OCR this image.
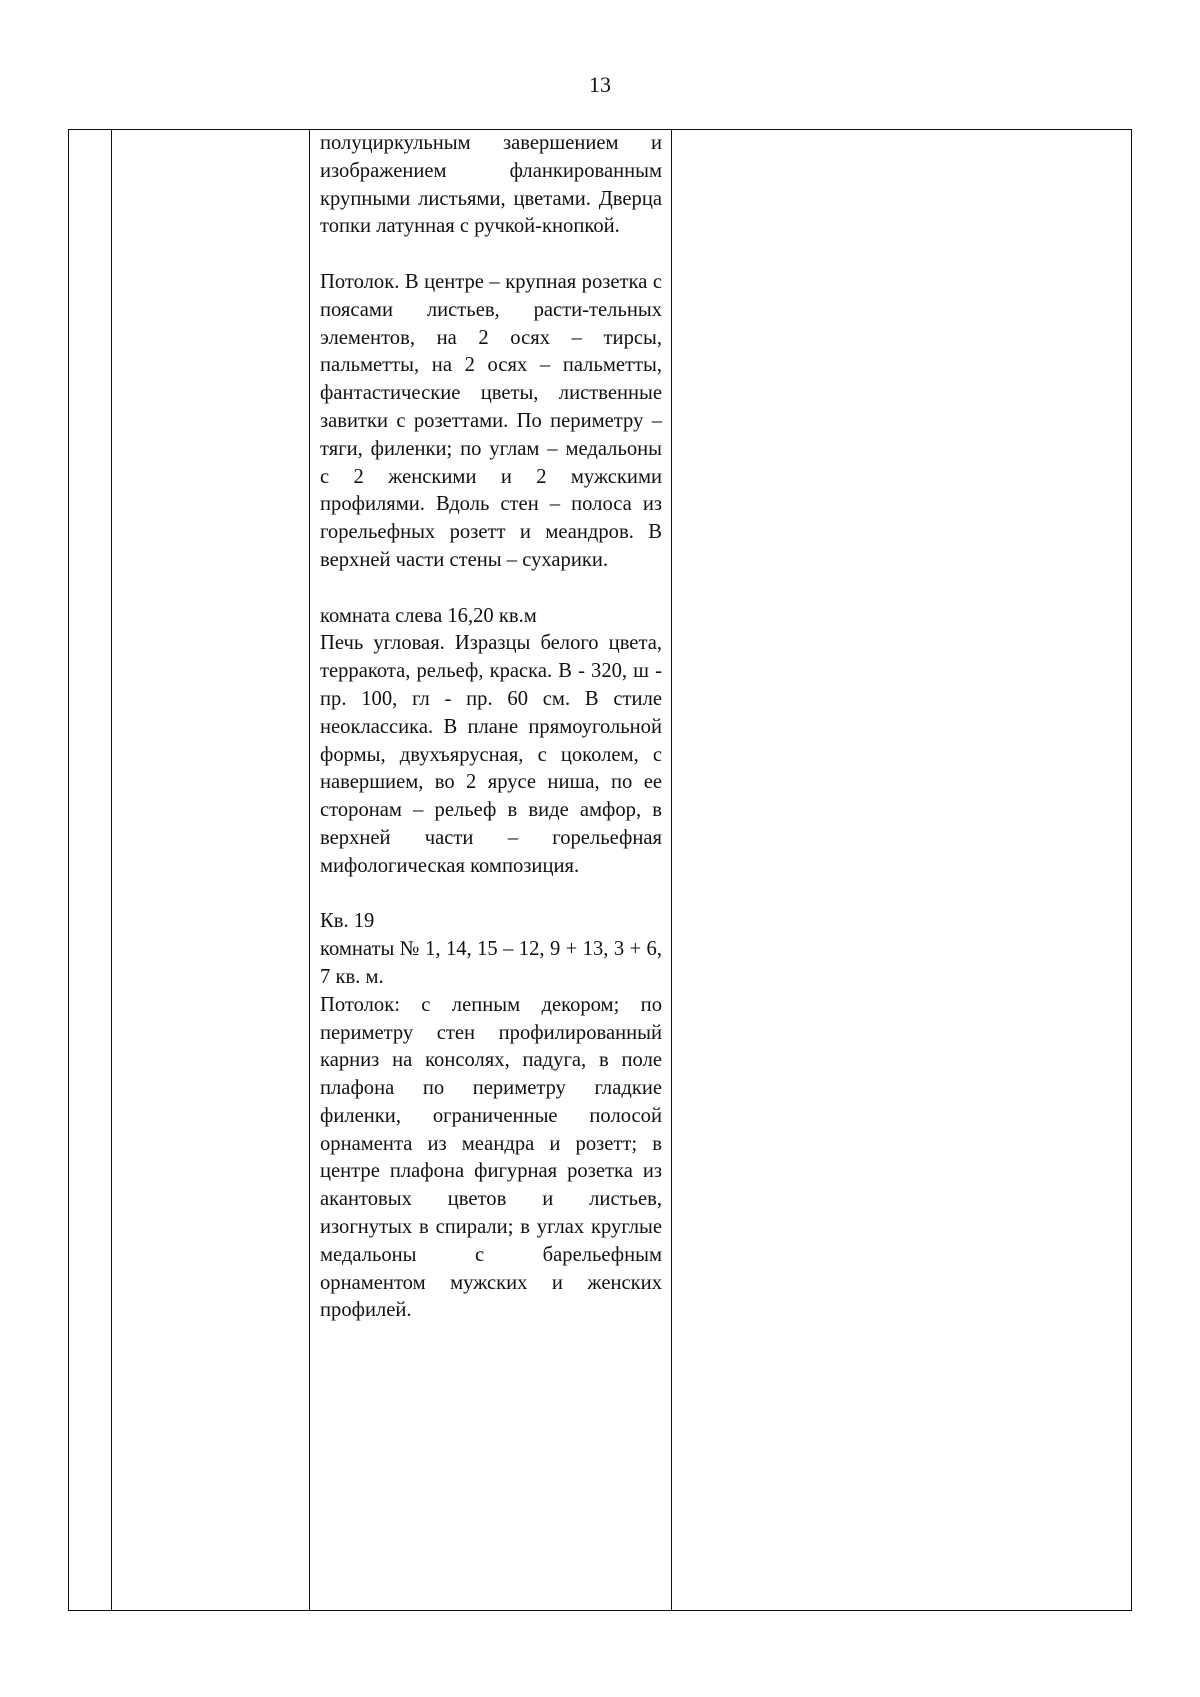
13

полуциркульным завершением и изображением фланкированным крупными листьями, цветами. Дверца топки латунная с ручкой-кнопкой.

Потолок. В центре – крупная розетка с поясами листьев, расти-тельных элементов, на 2 осях – тирсы, пальметты, на 2 осях – пальметты, фантастические цветы, лиственные завитки с розеттами. По периметру – тяги, филенки; по углам – медальоны с 2 женскими и 2 мужскими профилями. Вдоль стен – полоса из горельефных розетт и меандров. В верхней части стены – сухарики.

комната слева 16,20 кв.м

Печь угловая. Изразцы белого цвета, терракота, рельеф, краска. В - 320, ш - пр. 100, гл - пр. 60 см. В стиле неоклассика. В плане прямоугольной формы, двухъярусная, с цоколем, с навершием, во 2 ярусе ниша, по ее сторонам – рельеф в виде амфор, в верхней части – горельефная мифологическая композиция.

Кв. 19

комнаты № 1, 14, 15 – 12, 9 + 13, 3 + 6, 7 кв. м.

Потолок: с лепным декором; по периметру стен профилированный карниз на консолях, падуга, в поле плафона по периметру гладкие филенки, ограниченные полосой орнамента из меандра и розетт; в центре плафона фигурная розетка из акантовых цветов и листьев, изогнутых в спирали; в углах круглые медальоны с барельефным орнаментом мужских и женских профилей.
